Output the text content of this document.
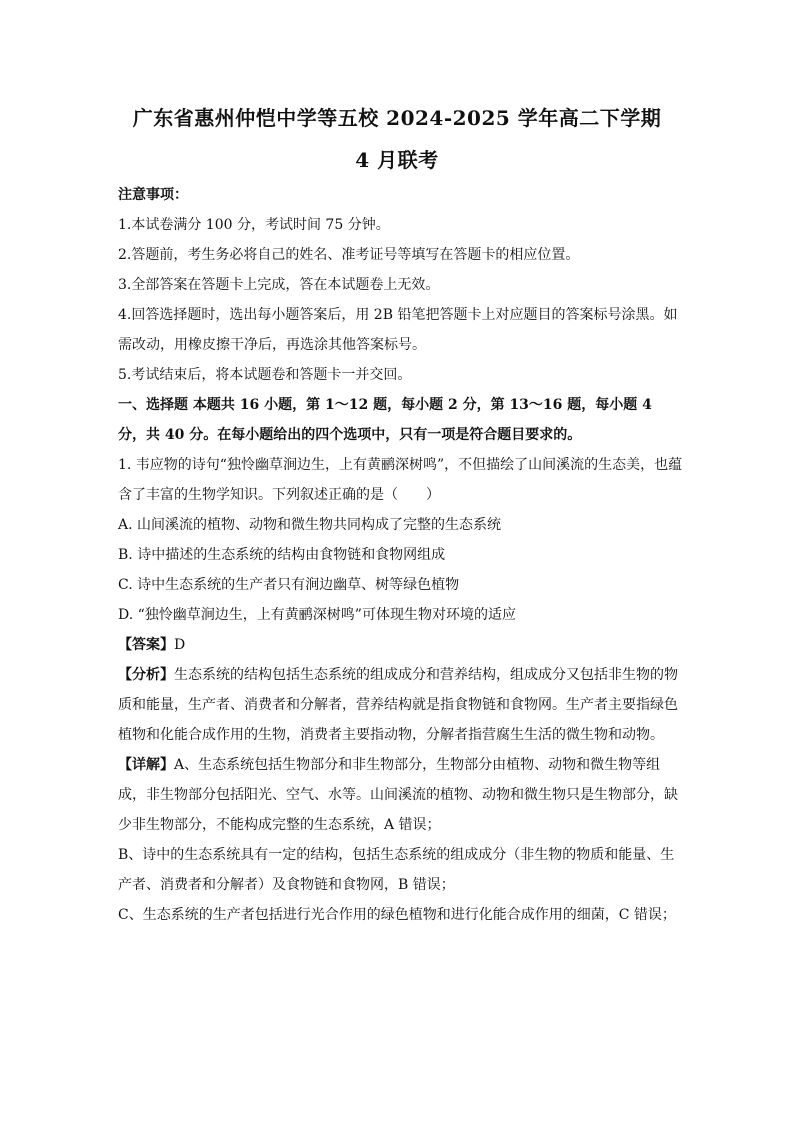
广东省惠州仲恺中学等五校 2024-2025 学年高二下学期
4 月联考

注意事项：

1.本试卷满分 100 分，考试时间 75 分钟。

2.答题前，考生务必将自己的姓名、准考证号等填写在答题卡的相应位置。

3.全部答案在答题卡上完成，答在本试题卷上无效。

4.回答选择题时，选出每小题答案后，用 2B 铅笔把答题卡上对应题目的答案标号涂黑。如需改动，用橡皮擦干净后，再选涂其他答案标号。

5.考试结束后，将本试题卷和答题卡一并交回。

一、选择题 本题共 16 小题，第 1～12 题，每小题 2 分，第 13～16 题，每小题 4 分，共 40 分。在每小题给出的四个选项中，只有一项是符合题目要求的。

1. 韦应物的诗句“独怜幽草涧边生，上有黄鹂深树鸣”，不但描绘了山间溪流的生态美，也蕴含了丰富的生物学知识。下列叙述正确的是（　　）

A. 山间溪流的植物、动物和微生物共同构成了完整的生态系统

B. 诗中描述的生态系统的结构由食物链和食物网组成

C. 诗中生态系统的生产者只有涧边幽草、树等绿色植物

D. “独怜幽草涧边生，上有黄鹂深树鸣”可体现生物对环境的适应

【答案】D

【分析】生态系统的结构包括生态系统的组成成分和营养结构，组成成分又包括非生物的物质和能量，生产者、消费者和分解者，营养结构就是指食物链和食物网。生产者主要指绿色植物和化能合成作用的生物，消费者主要指动物，分解者指营腐生生活的微生物和动物。

【详解】A、生态系统包括生物部分和非生物部分，生物部分由植物、动物和微生物等组成，非生物部分包括阳光、空气、水等。山间溪流的植物、动物和微生物只是生物部分，缺少非生物部分，不能构成完整的生态系统，A 错误；

B、诗中的生态系统具有一定的结构，包括生态系统的组成成分（非生物的物质和能量、生产者、消费者和分解者）及食物链和食物网，B 错误；

C、生态系统的生产者包括进行光合作用的绿色植物和进行化能合成作用的细菌，C 错误；
